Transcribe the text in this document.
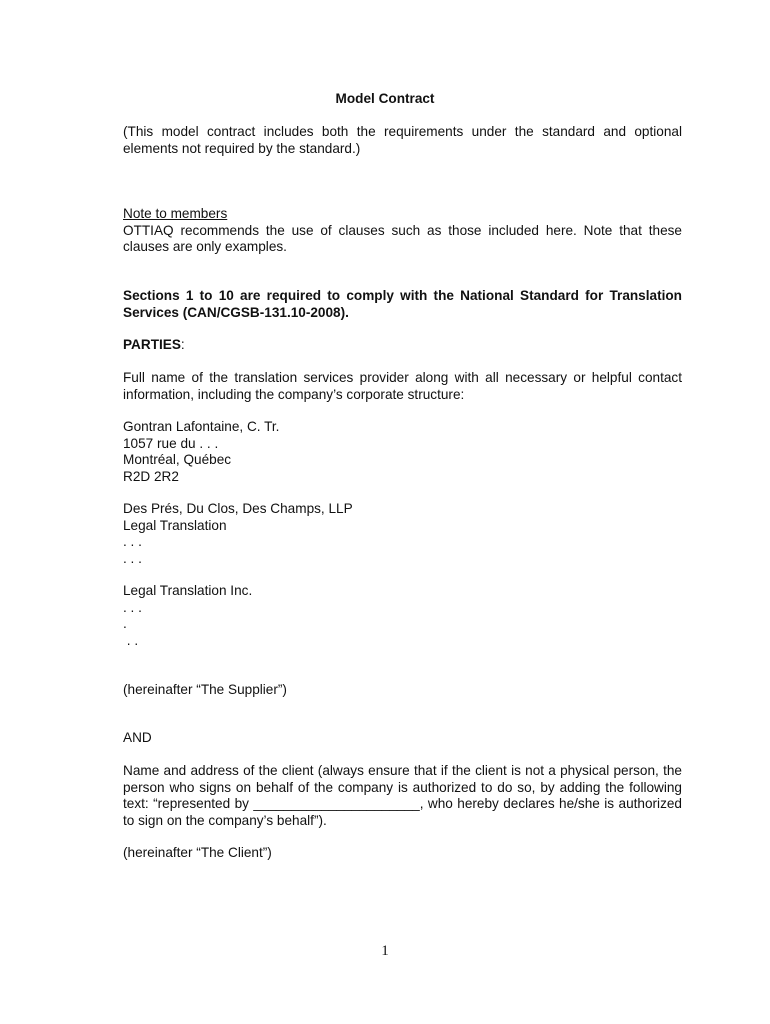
Model Contract

(This model contract includes both the requirements under the standard and optional elements not required by the standard.)

Note to members
OTTIAQ recommends the use of clauses such as those included here. Note that these clauses are only examples.

Sections 1 to 10 are required to comply with the National Standard for Translation Services (CAN/CGSB-131.10-2008).

PARTIES:

Full name of the translation services provider along with all necessary or helpful contact information, including the company’s corporate structure:

Gontran Lafontaine, C. Tr.
1057 rue du . . .
Montréal, Québec
R2D 2R2
Des Prés, Du Clos, Des Champs, LLP
Legal Translation
. . .
. . .
Legal Translation Inc.
. . .
.
. .

(hereinafter “The Supplier”)

AND

Name and address of the client (always ensure that if the client is not a physical person, the person who signs on behalf of the company is authorized to do so, by adding the following text: “represented by ______________________, who hereby declares he/she is authorized to sign on the company’s behalf”).

(hereinafter “The Client”)

1
